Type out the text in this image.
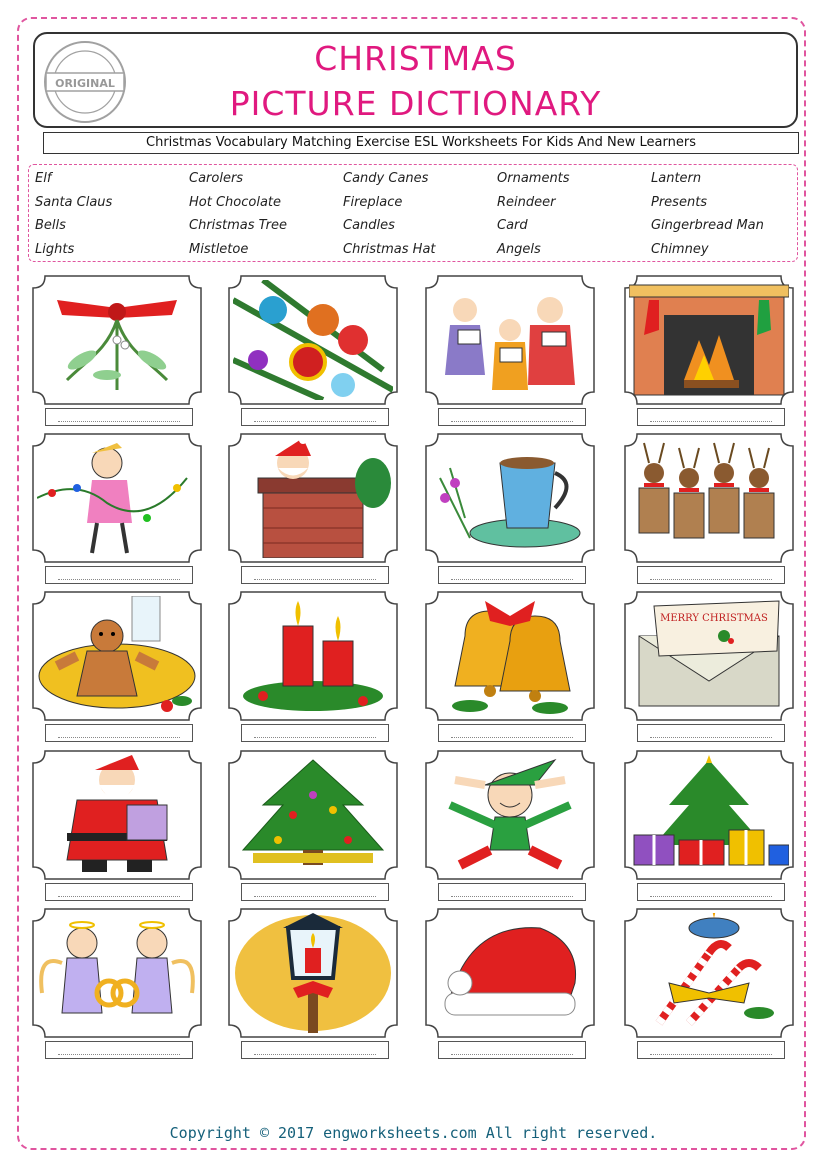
ORIGINAL
CHRISTMAS
PICTURE DICTIONARY
Christmas Vocabulary Matching Exercise ESL Worksheets For Kids And New Learners
Elf	Carolers	Candy Canes	Ornaments	Lantern
Santa Claus	Hot Chocolate	Fireplace	Reindeer	Presents
Bells	Christmas Tree	Candles	Card	Gingerbread Man
Lights	Mistletoe	Christmas Hat	Angels	Chimney
MERRY CHRISTMAS
Copyright © 2017 engworksheets.com All right reserved.
